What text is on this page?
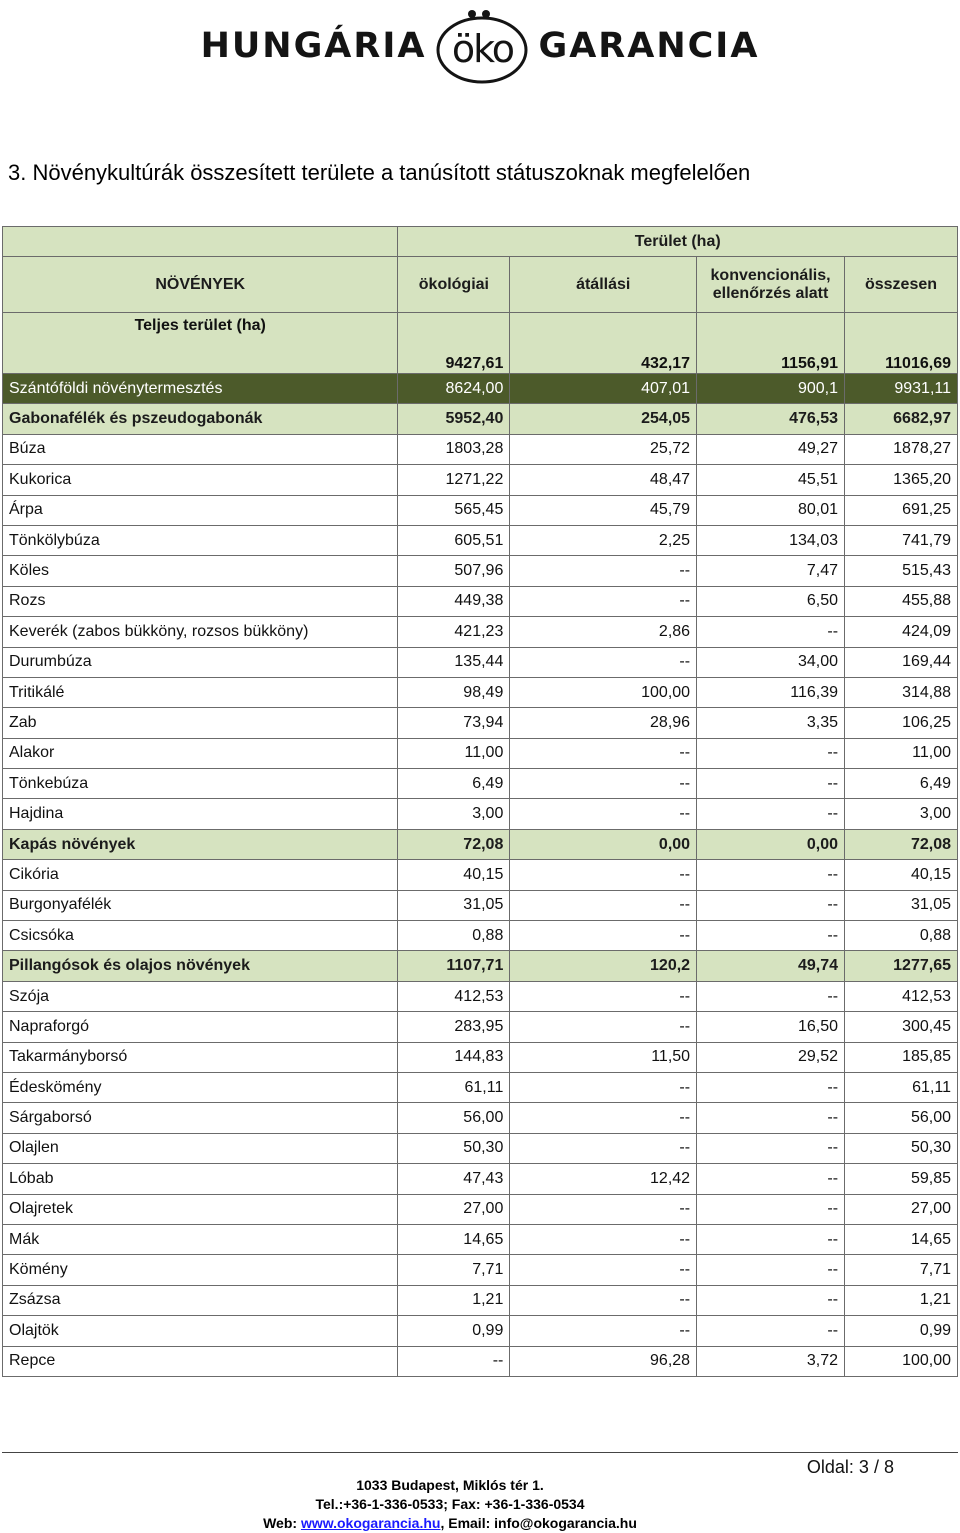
HUNGÁRIA öko GARANCIA
3. Növénykultúrák összesített területe a tanúsított státuszoknak megfelelően
	Terület (ha)			
NÖVÉNYEK	ökológiai	átállási	konvencionális, ellenőrzés alatt	összesen
Teljes terület (ha)	9427,61	432,17	1156,91	11016,69
Szántóföldi növénytermesztés	8624,00	407,01	900,1	9931,11
Gabonafélék és pszeudogabonák	5952,40	254,05	476,53	6682,97
Búza	1803,28	25,72	49,27	1878,27
Kukorica	1271,22	48,47	45,51	1365,20
Árpa	565,45	45,79	80,01	691,25
Tönkölybúza	605,51	2,25	134,03	741,79
Köles	507,96	--	7,47	515,43
Rozs	449,38	--	6,50	455,88
Keverék (zabos bükköny, rozsos bükköny)	421,23	2,86	--	424,09
Durumbúza	135,44	--	34,00	169,44
Tritikálé	98,49	100,00	116,39	314,88
Zab	73,94	28,96	3,35	106,25
Alakor	11,00	--	--	11,00
Tönkebúza	6,49	--	--	6,49
Hajdina	3,00	--	--	3,00
Kapás növények	72,08	0,00	0,00	72,08
Cikória	40,15	--	--	40,15
Burgonyafélék	31,05	--	--	31,05
Csicsóka	0,88	--	--	0,88
Pillangósok és olajos növények	1107,71	120,2	49,74	1277,65
Szója	412,53	--	--	412,53
Napraforgó	283,95	--	16,50	300,45
Takarmányborsó	144,83	11,50	29,52	185,85
Édeskömény	61,11	--	--	61,11
Sárgaborsó	56,00	--	--	56,00
Olajlen	50,30	--	--	50,30
Lóbab	47,43	12,42	--	59,85
Olajretek	27,00	--	--	27,00
Mák	14,65	--	--	14,65
Kömény	7,71	--	--	7,71
Zsázsa	1,21	--	--	1,21
Olajtök	0,99	--	--	0,99
Repce	--	96,28	3,72	100,00
Oldal: 3 / 8
1033 Budapest, Miklós tér 1.
Tel.:+36-1-336-0533; Fax: +36-1-336-0534
Web: www.okogarancia.hu, Email: info@okogarancia.hu
